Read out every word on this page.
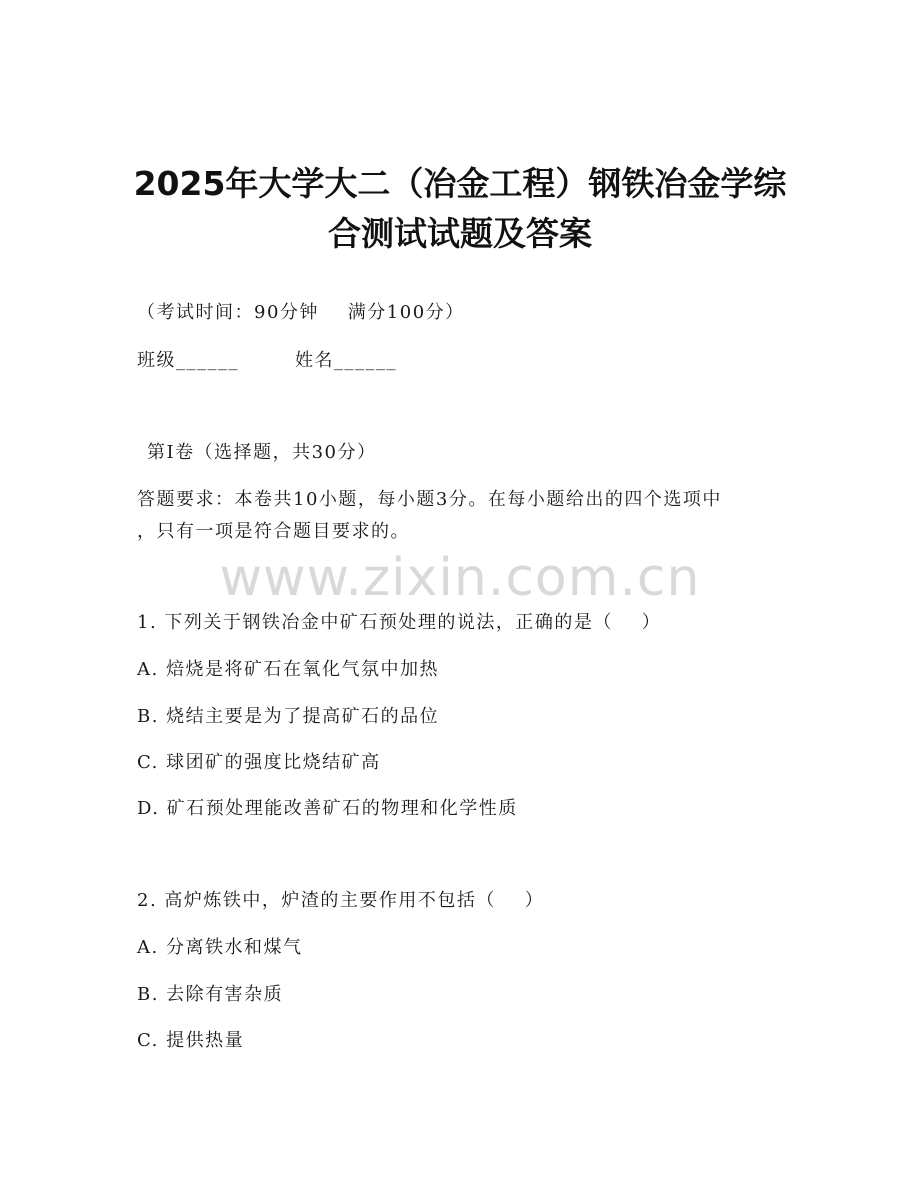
2025年大学大二（冶金工程）钢铁冶金学综
合测试试题及答案
（考试时间：90分钟    满分100分）
班级______	姓名______
第Ⅰ卷（选择题，共30分）
答题要求：本卷共10小题，每小题3分。在每小题给出的四个选项中
，只有一项是符合题目要求的。
www.zixin.com.cn
1. 下列关于钢铁冶金中矿石预处理的说法，正确的是（    ）
A. 焙烧是将矿石在氧化气氛中加热
B. 烧结主要是为了提高矿石的品位
C. 球团矿的强度比烧结矿高
D. 矿石预处理能改善矿石的物理和化学性质
2. 高炉炼铁中，炉渣的主要作用不包括（    ）
A. 分离铁水和煤气
B. 去除有害杂质
C. 提供热量
